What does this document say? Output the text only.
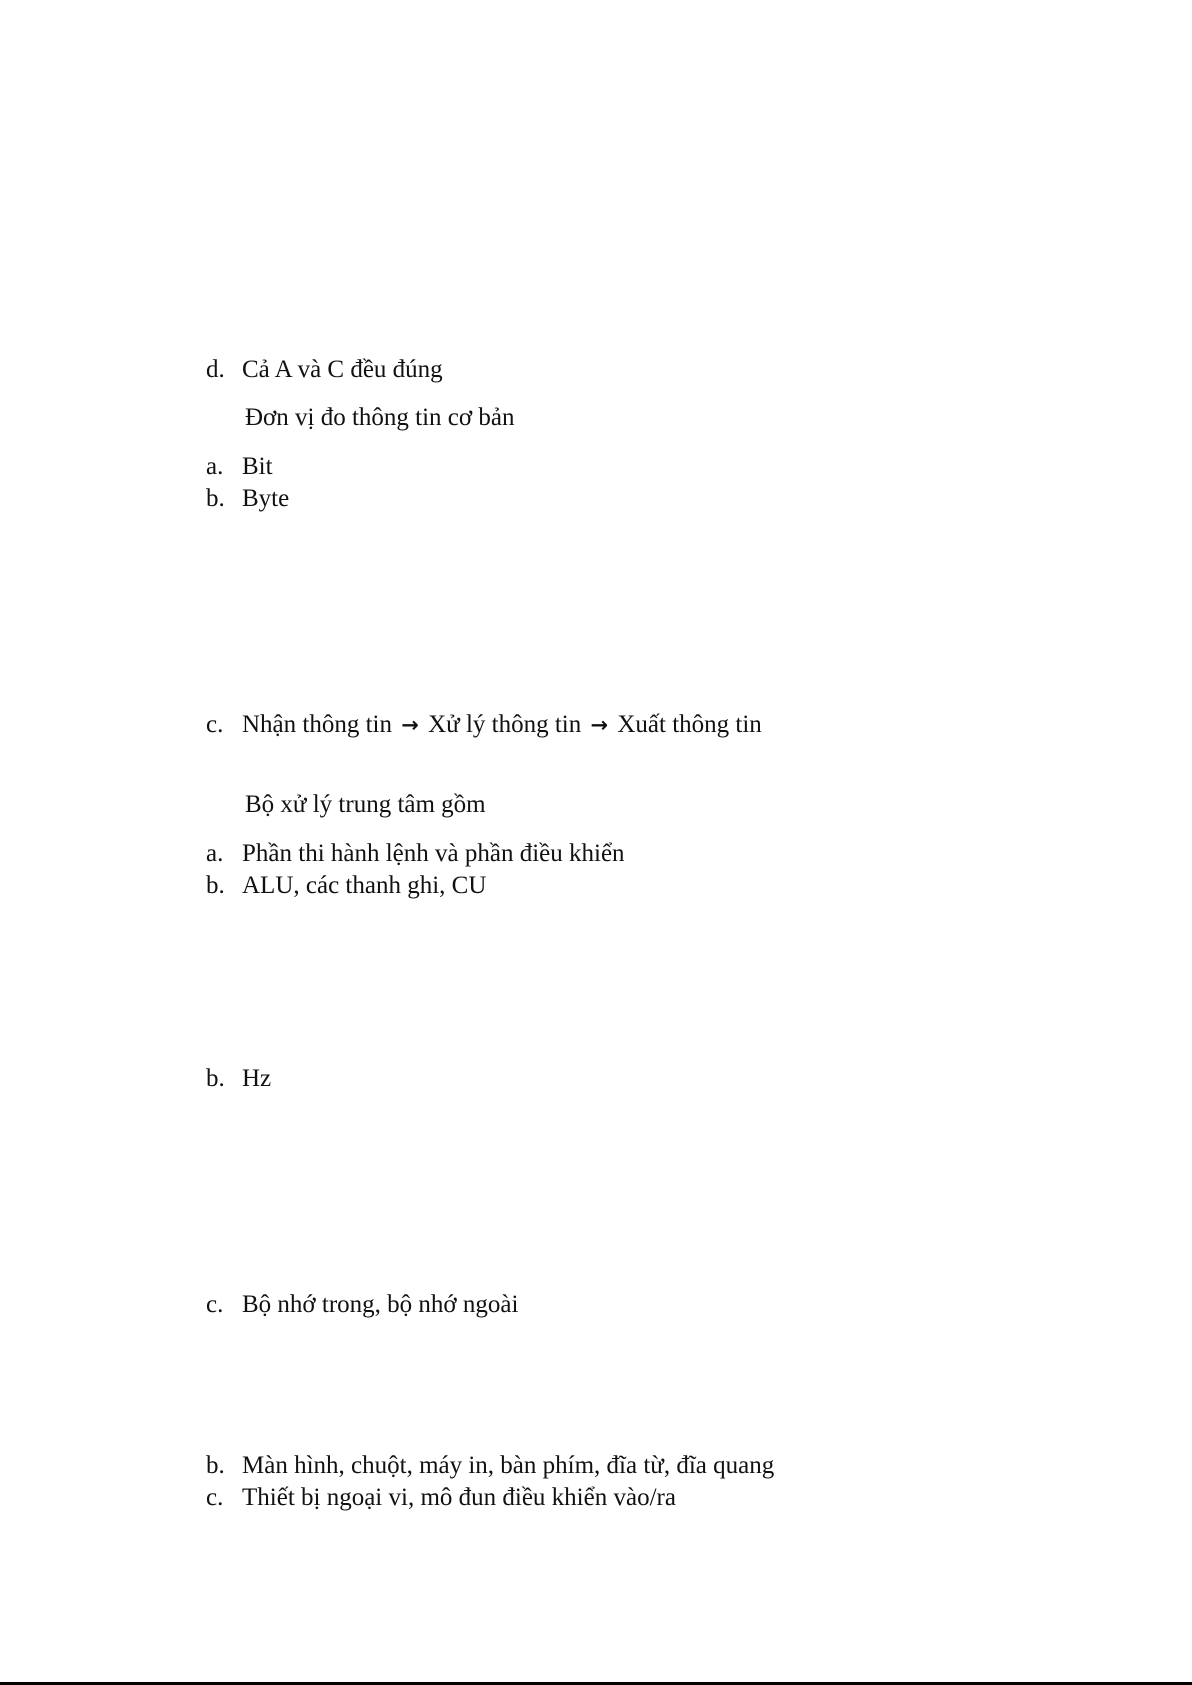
d. Cả A và C đều đúng
Đơn vị đo thông tin cơ bản
a. Bit
b. Byte
c. Nhận thông tin → Xử lý thông tin → Xuất thông tin
Bộ xử lý trung tâm gồm
a. Phần thi hành lệnh và phần điều khiển
b. ALU, các thanh ghi, CU
b. Hz
c. Bộ nhớ trong, bộ nhớ ngoài
b. Màn hình, chuột, máy in, bàn phím, đĩa từ, đĩa quang
c. Thiết bị ngoại vi, mô đun điều khiển vào/ra
